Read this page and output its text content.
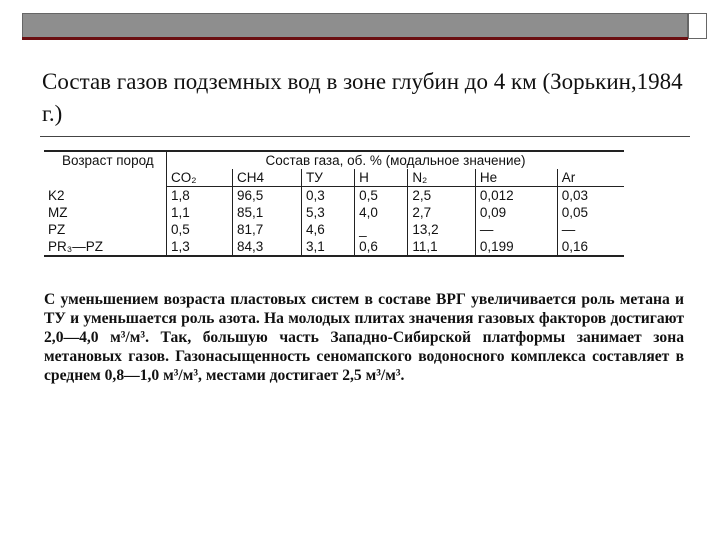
Состав газов подземных вод в зоне глубин до 4 км (Зорькин,1984 г.)
Возраст пород	Состав газа, об. % (модальное значение)						
	CO₂	CH4	ТУ	Н	N₂	He	Ar
K2	1,8	96,5	0,3	0,5	2,5	0,012	0,03
MZ	1,1	85,1	5,3	4,0	2,7	0,09	0,05
PZ	0,5	81,7	4,6	_	13,2	—	—
PR₃—PZ	1,3	84,3	3,1	0,6	11,1	0,199	0,16

С уменьшением возраста пластовых систем в составе ВРГ увеличивается роль метана и ТУ и уменьшается роль азота. На молодых плитах значения газовых факторов достигают 2,0—4,0 м³/м³. Так, большую часть Западно-Сибирской платформы занимает зона метановых газов. Газонасыщенность сеномапского водоносного комплекса составляет в среднем 0,8—1,0 м³/м³, местами достигает 2,5 м³/м³.
